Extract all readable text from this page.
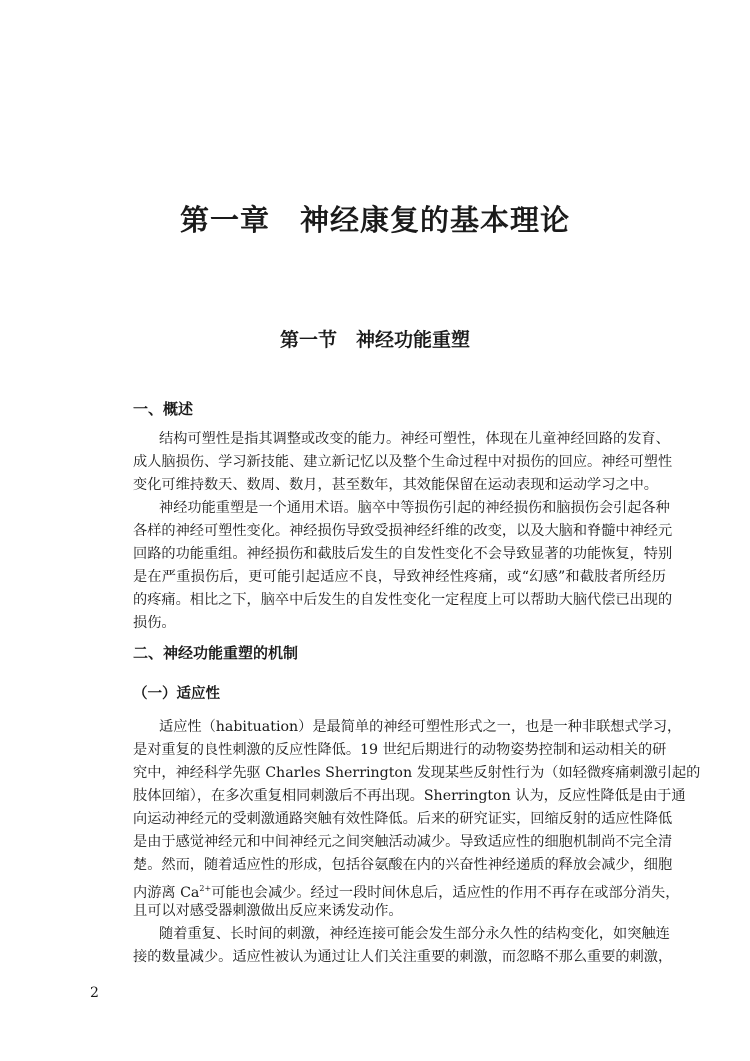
第一章　神经康复的基本理论
第一节　神经功能重塑
一、概述

结构可塑性是指其调整或改变的能力。神经可塑性，体现在儿童神经回路的发育、

成人脑损伤、学习新技能、建立新记忆以及整个生命过程中对损伤的回应。神经可塑性

变化可维持数天、数周、数月，甚至数年，其效能保留在运动表现和运动学习之中。

神经功能重塑是一个通用术语。脑卒中等损伤引起的神经损伤和脑损伤会引起各种

各样的神经可塑性变化。神经损伤导致受损神经纤维的改变，以及大脑和脊髓中神经元

回路的功能重组。神经损伤和截肢后发生的自发性变化不会导致显著的功能恢复，特别

是在严重损伤后，更可能引起适应不良，导致神经性疼痛，或“幻感”和截肢者所经历

的疼痛。相比之下，脑卒中后发生的自发性变化一定程度上可以帮助大脑代偿已出现的

损伤。

二、神经功能重塑的机制
（一）适应性

适应性（habituation）是最简单的神经可塑性形式之一，也是一种非联想式学习，

是对重复的良性刺激的反应性降低。19 世纪后期进行的动物姿势控制和运动相关的研

究中，神经科学先驱 Charles Sherrington 发现某些反射性行为（如轻微疼痛刺激引起的

肢体回缩），在多次重复相同刺激后不再出现。Sherrington 认为，反应性降低是由于通

向运动神经元的受刺激通路突触有效性降低。后来的研究证实，回缩反射的适应性降低

是由于感觉神经元和中间神经元之间突触活动减少。导致适应性的细胞机制尚不完全清

楚。然而，随着适应性的形成，包括谷氨酸在内的兴奋性神经递质的释放会减少，细胞

内游离 $Ca^{2+}$可能也会减少。经过一段时间休息后，适应性的作用不再存在或部分消失，

且可以对感受器刺激做出反应来诱发动作。

随着重复、长时间的刺激，神经连接可能会发生部分永久性的结构变化，如突触连

接的数量减少。适应性被认为通过让人们关注重要的刺激，而忽略不那么重要的刺激，

2
